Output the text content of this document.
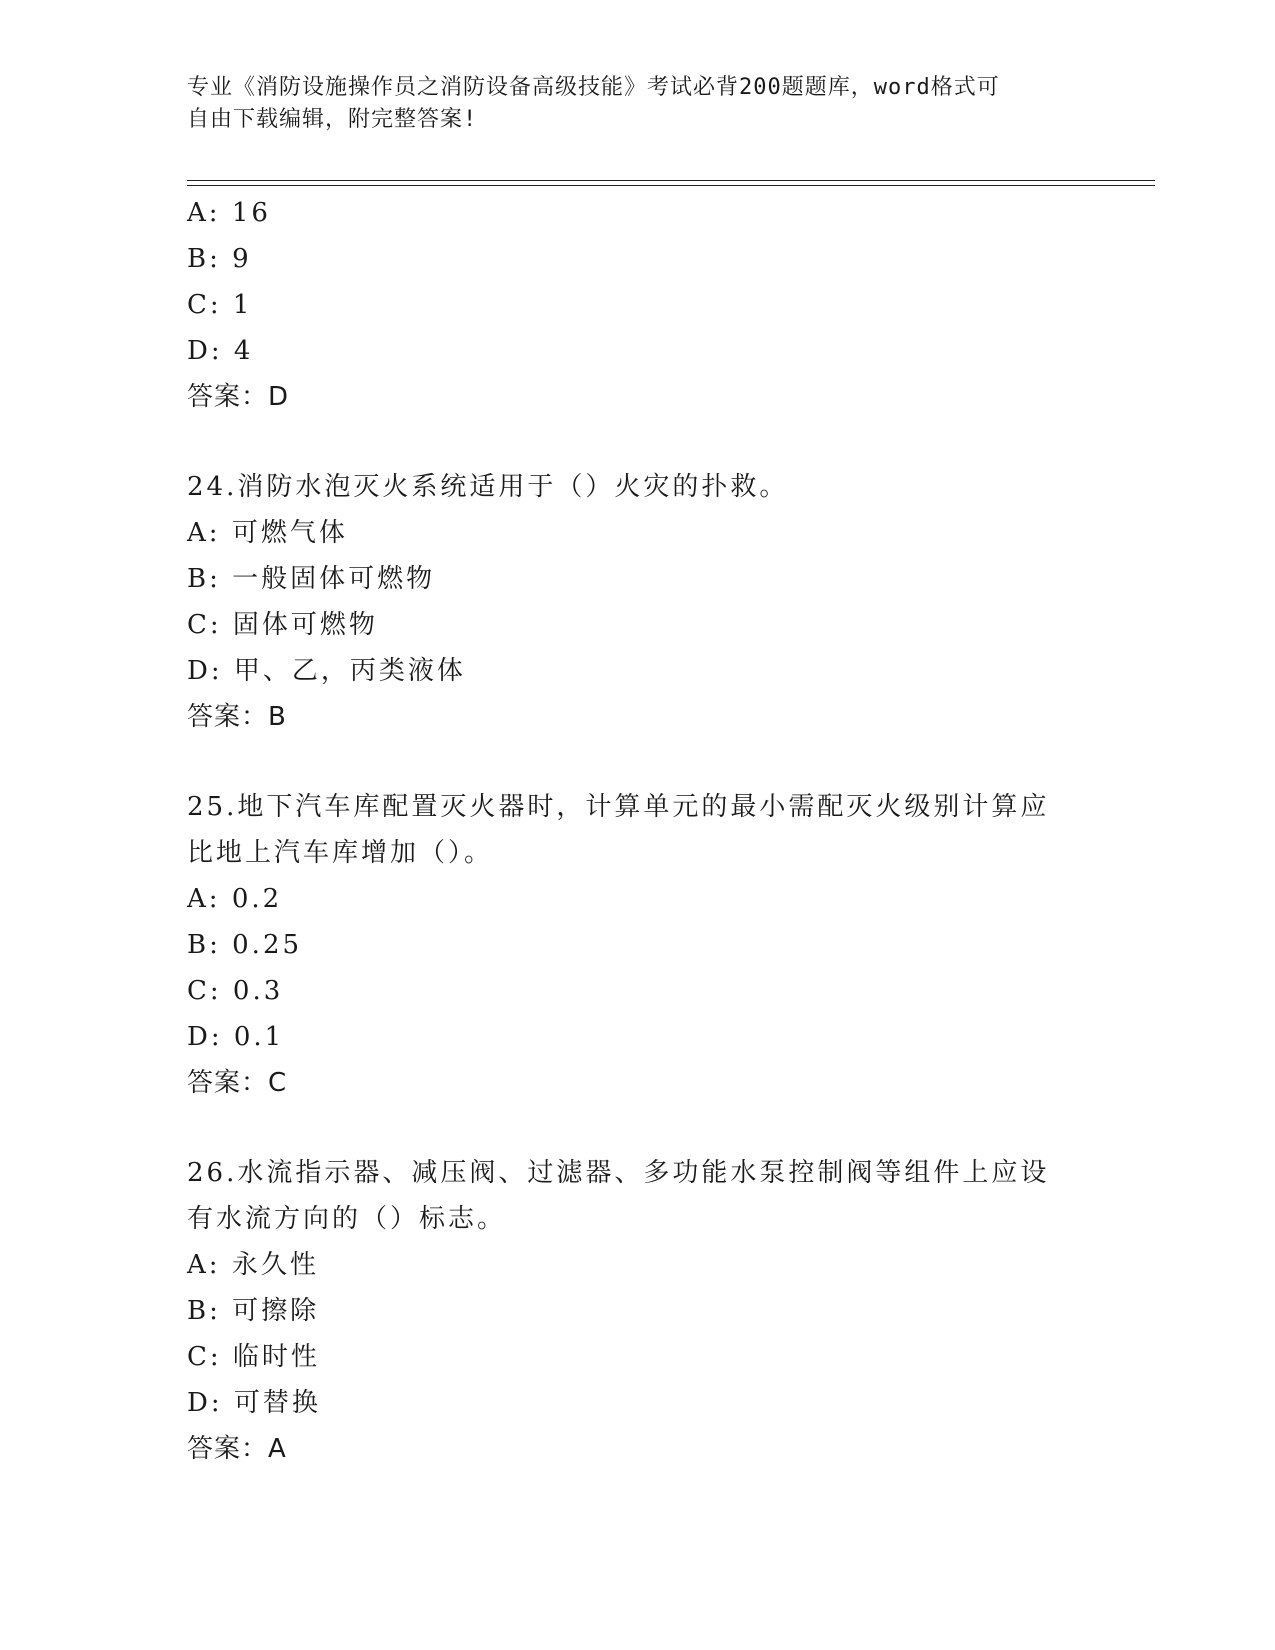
专业《消防设施操作员之消防设备高级技能》考试必背200题题库，word格式可
自由下载编辑，附完整答案!
A: 16
B: 9
C: 1
D: 4
答案：D
24.消防水泡灭火系统适用于（）火灾的扑救。
A: 可燃气体
B: 一般固体可燃物
C: 固体可燃物
D: 甲、乙，丙类液体
答案：B
25.地下汽车库配置灭火器时，计算单元的最小需配灭火级别计算应比地上汽车库增加（）。
A: 0.2
B: 0.25
C: 0.3
D: 0.1
答案：C
26.水流指示器、减压阀、过滤器、多功能水泵控制阀等组件上应设有水流方向的（）标志。
A: 永久性
B: 可擦除
C: 临时性
D: 可替换
答案：A
